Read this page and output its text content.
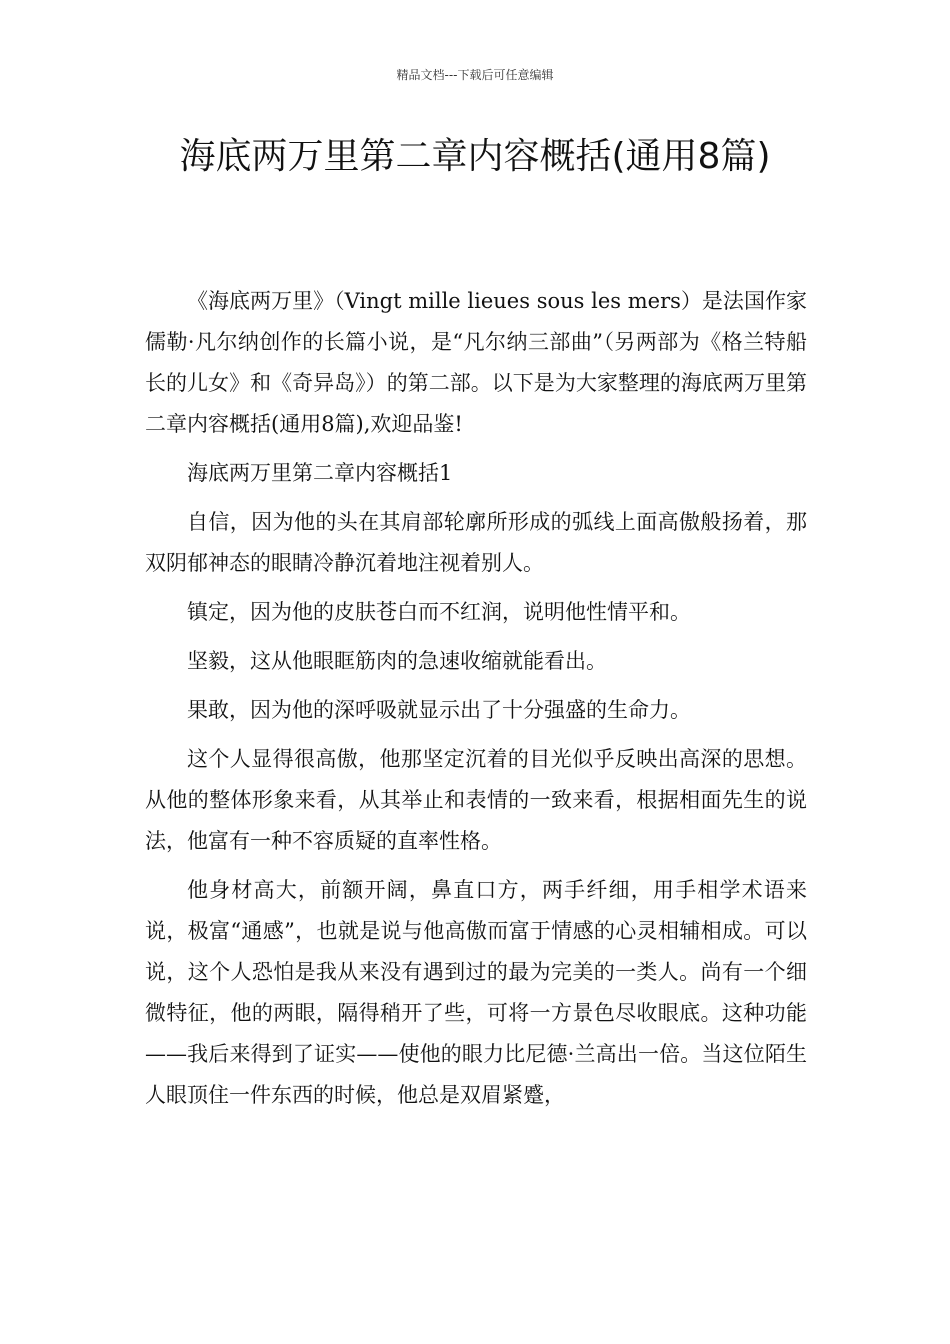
精品文档---下载后可任意编辑
海底两万里第二章内容概括(通用8篇)

《海底两万里》（Vingt mille lieues sous les mers）是法国作家儒勒·凡尔纳创作的长篇小说，是“凡尔纳三部曲”（另两部为《格兰特船长的儿女》和《奇异岛》）的第二部。以下是为大家整理的海底两万里第二章内容概括(通用8篇),欢迎品鉴!

海底两万里第二章内容概括1

自信，因为他的头在其肩部轮廓所形成的弧线上面高傲般扬着，那双阴郁神态的眼睛冷静沉着地注视着别人。

镇定，因为他的皮肤苍白而不红润，说明他性情平和。

坚毅，这从他眼眶筋肉的急速收缩就能看出。

果敢，因为他的深呼吸就显示出了十分强盛的生命力。

这个人显得很高傲，他那坚定沉着的目光似乎反映出高深的思想。从他的整体形象来看，从其举止和表情的一致来看，根据相面先生的说法，他富有一种不容质疑的直率性格。

他身材高大，前额开阔，鼻直口方，两手纤细，用手相学术语来说，极富“通感”，也就是说与他高傲而富于情感的心灵相辅相成。可以说，这个人恐怕是我从来没有遇到过的最为完美的一类人。尚有一个细微特征，他的两眼，隔得稍开了些，可将一方景色尽收眼底。这种功能——我后来得到了证实——使他的眼力比尼德·兰高出一倍。当这位陌生人眼顶住一件东西的时候，他总是双眉紧蹙，
